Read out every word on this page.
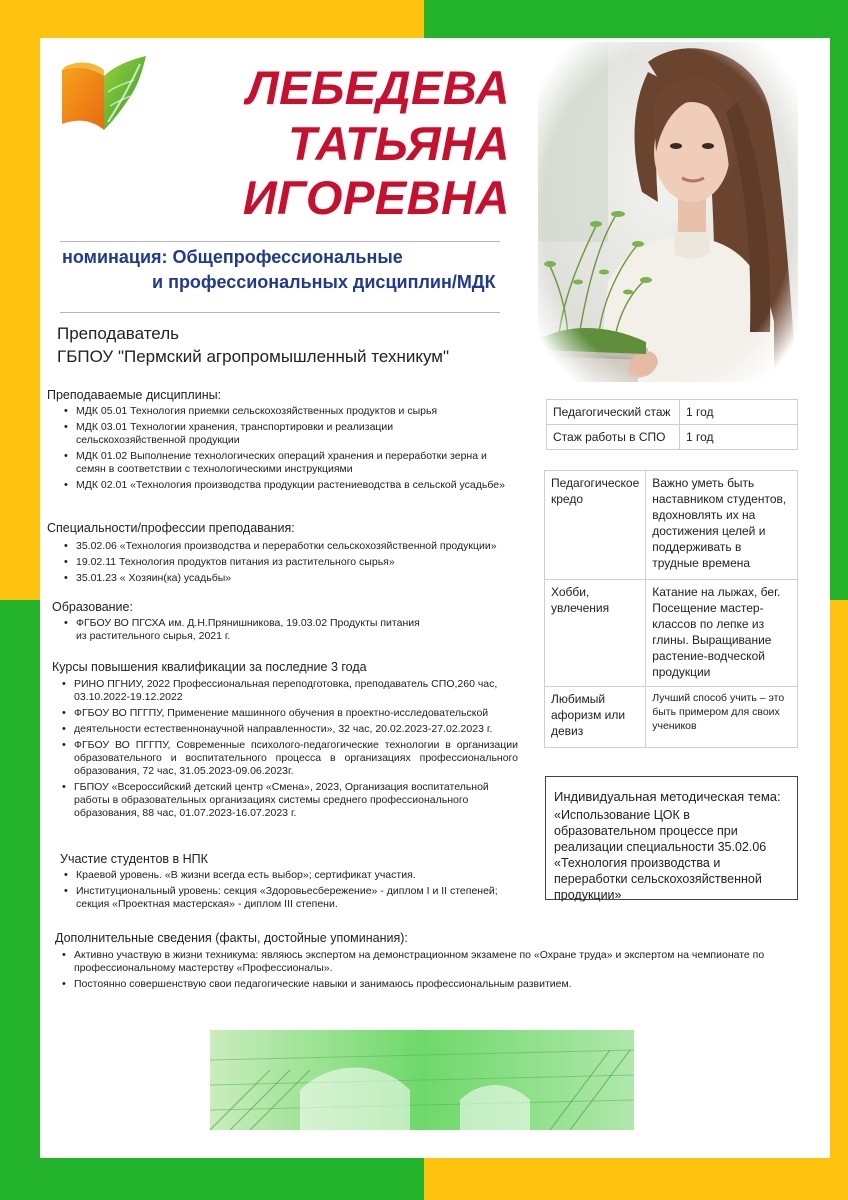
ЛЕБЕДЕВА
ТАТЬЯНА
ИГОРЕВНА
номинация: Общепрофессиональные
и профессиональных дисциплин/МДК
Преподаватель
ГБПОУ "Пермский агропромышленный техникум"
Преподаваемые дисциплины:
• МДК 05.01 Технология приемки сельскохозяйственных продуктов и сырья
• МДК 03.01 Технологии хранения, транспортировки и реализации сельскохозяйственной продукции
• МДК 01.02 Выполнение технологических операций хранения и переработки зерна и семян в соответствии с технологическими инструкциями
• МДК 02.01 «Технология производства продукции растениеводства в сельской усадьбе»
Специальности/профессии преподавания:
• 35.02.06 «Технология производства и переработки сельскохозяйственной продукции»
• 19.02.11 Технология продуктов питания из растительного сырья»
• 35.01.23 « Хозяин(ка) усадьбы»
Образование:
• ФГБОУ ВО ПГСХА им. Д.Н.Прянишникова, 19.03.02 Продукты питания из растительного сырья, 2021 г.
Курсы повышения квалификации за последние 3 года
• РИНО ПГНИУ, 2022 Профессиональная переподготовка, преподаватель СПО,260 час, 03.10.2022-19.12.2022
• ФГБОУ ВО ПГГПУ, Применение машинного обучения в проектно-исследовательской
• деятельности естественнонаучной направленности», 32 час, 20.02.2023-27.02.2023 г.
• ФГБОУ ВО ПГГПУ, Современные психолого-педагогические технологии в организации образовательного и воспитательного процесса в организациях профессионального образования, 72 час, 31.05.2023-09.06.2023г.
• ГБПОУ «Всероссийский детский центр «Смена», 2023, Организация воспитательной работы в образовательных организациях системы среднего профессионального образования, 88 час, 01.07.2023-16.07.2023 г.
Участие студентов в НПК
• Краевой уровень. «В жизни всегда есть выбор»; сертификат участия.
• Институциональный уровень: секция «Здоровьесбережение» - диплом I и II степеней; секция «Проектная мастерская» - диплом III степени.
Дополнительные сведения (факты, достойные упоминания):
• Активно участвую в жизни техникума: являюсь экспертом на демонстрационном экзамене по «Охране труда» и экспертом на чемпионате по профессиональному мастерству «Профессионалы».
• Постоянно совершенствую свои педагогические навыки и занимаюсь профессиональным развитием.
Педагогический стаж	1 год
Стаж работы в СПО	1 год
Педагогическое кредо	Важно уметь быть наставником студентов, вдохновлять их на достижения целей и поддерживать в трудные времена
Хобби, увлечения	Катание на лыжах, бег. Посещение мастер-классов по лепке из глины. Выращивание растение-водческой продукции
Любимый афоризм или девиз	Лучший способ учить – это быть примером для своих учеников
Индивидуальная методическая тема:
«Использование ЦОК в образовательном процессе при реализации специальности 35.02.06 «Технология производства и переработки сельскохозяйственной продукции»
